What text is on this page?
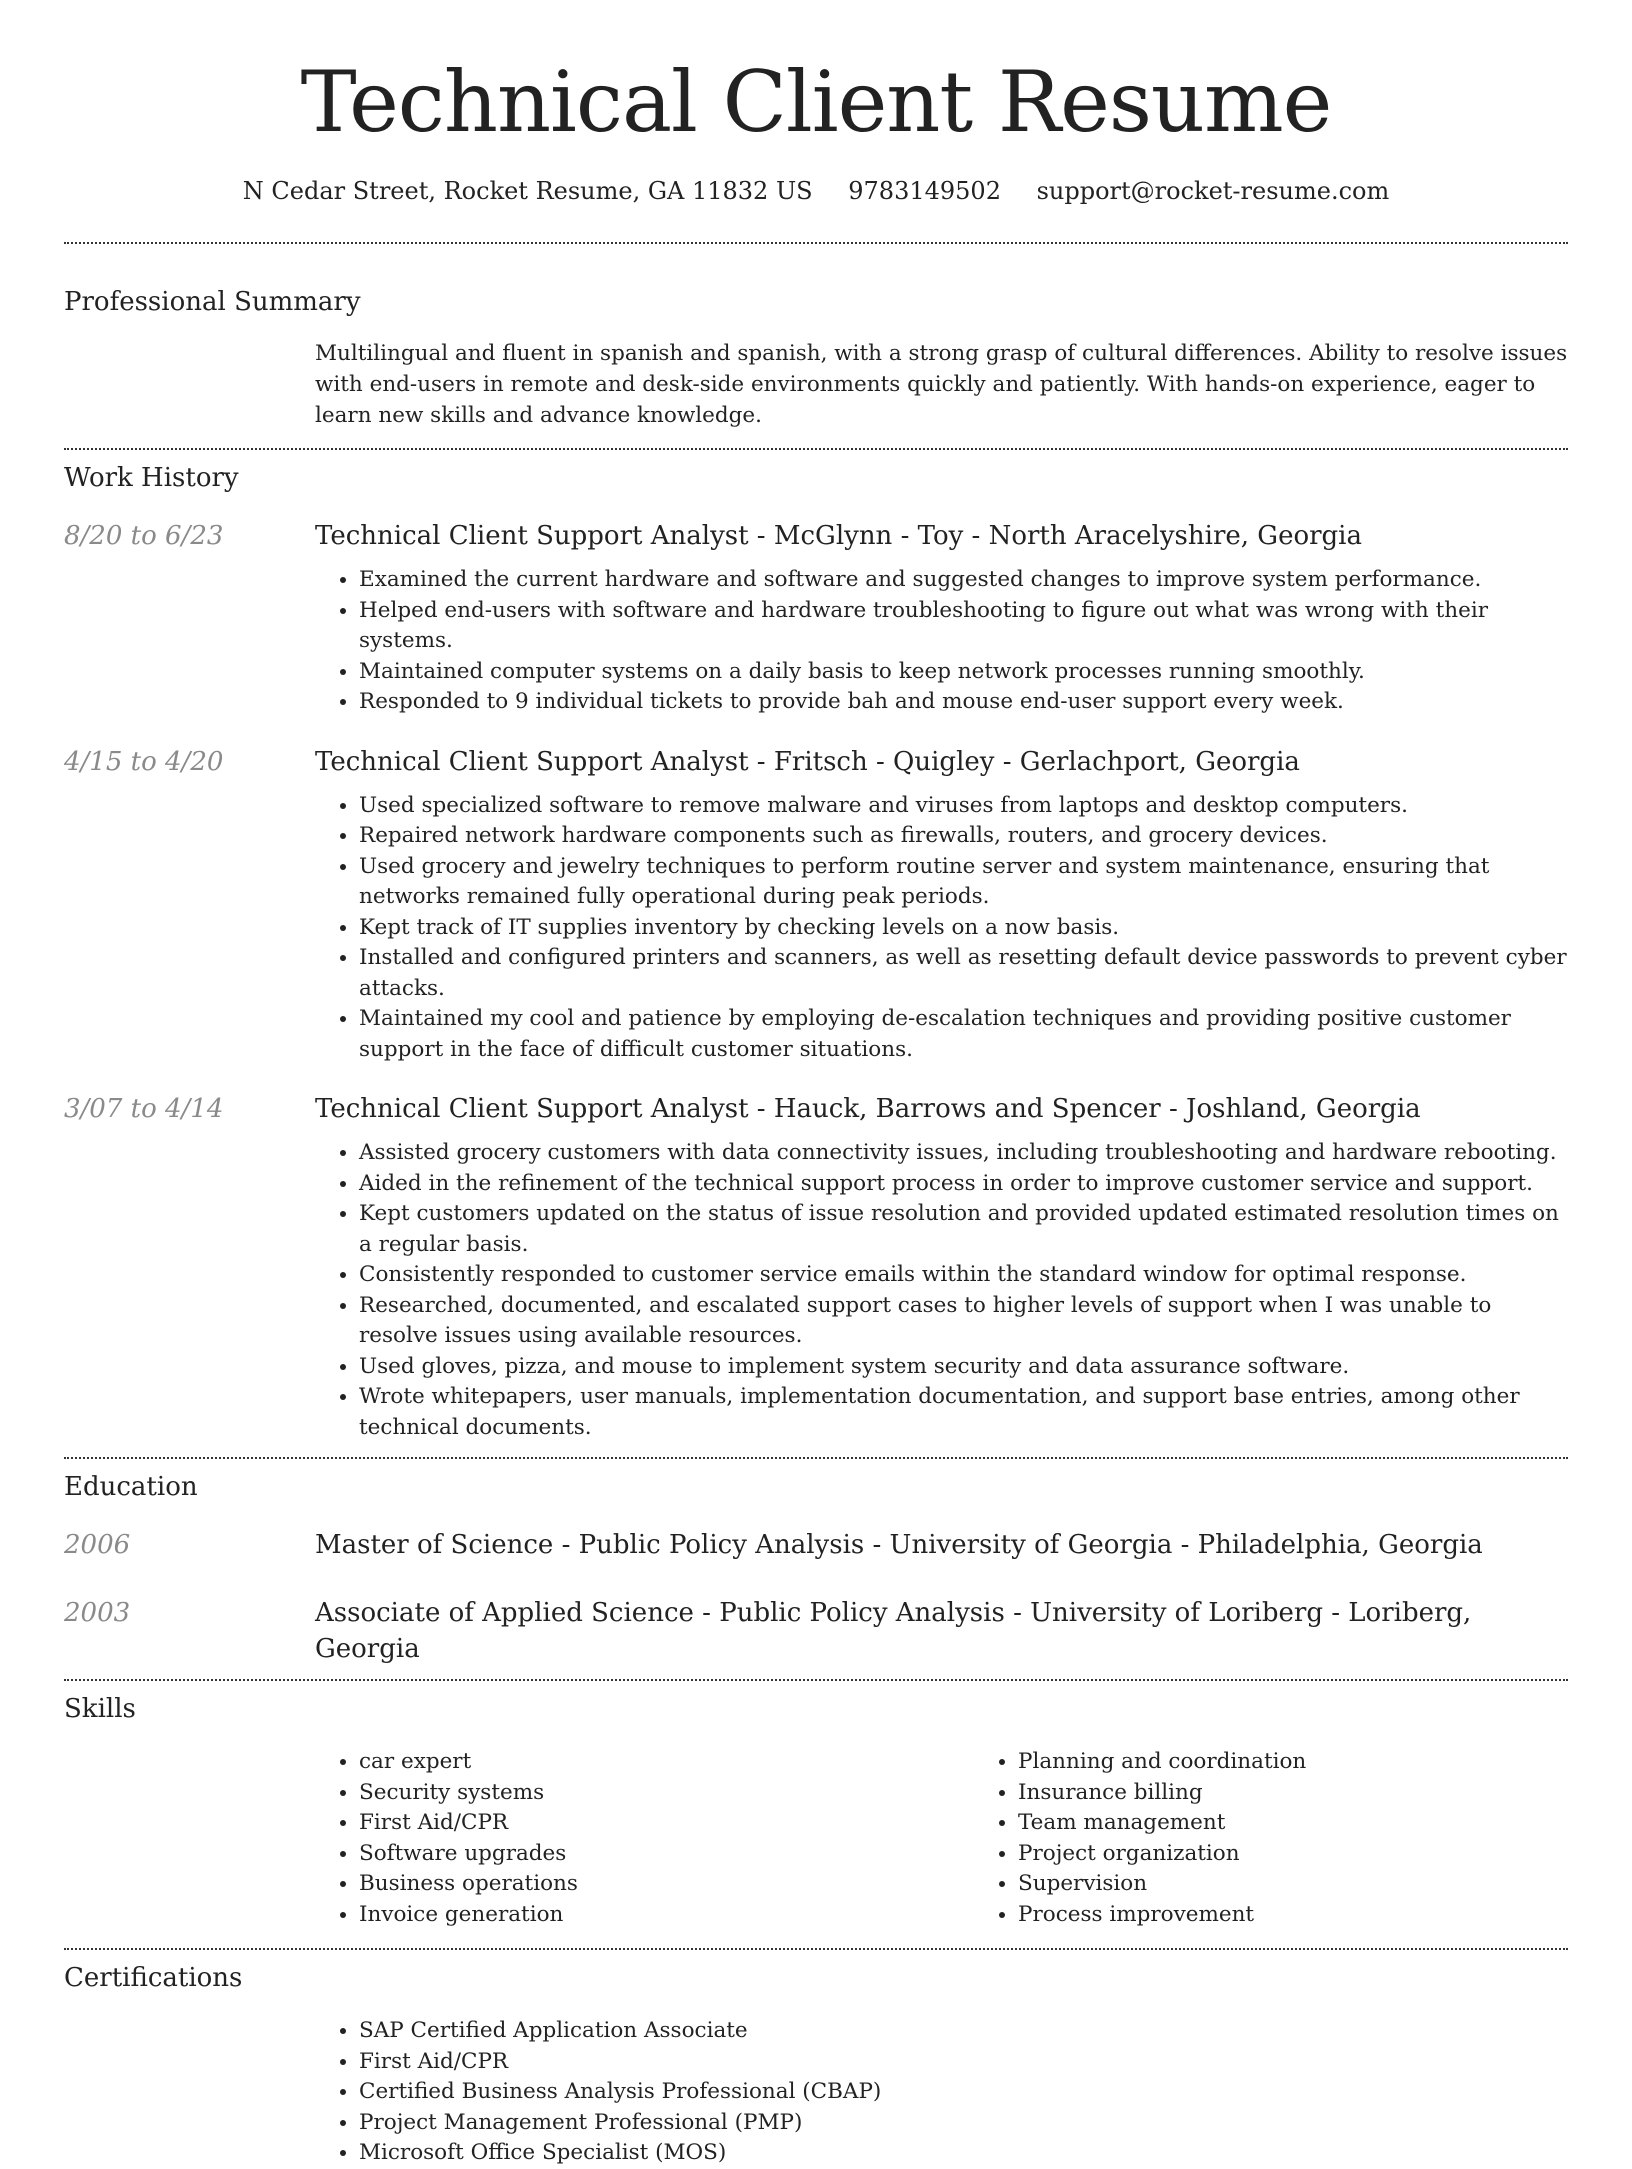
Technical Client Resume
N Cedar Street, Rocket Resume, GA 11832 US 9783149502 support@rocket-resume.com
Professional Summary

Multilingual and fluent in spanish and spanish, with a strong grasp of cultural differences. Ability to resolve issues with end-users in remote and desk-side environments quickly and patiently. With hands-on experience, eager to learn new skills and advance knowledge.

Work History
8/20 to 6/23	Technical Client Support Analyst - McGlynn - Toy - North Aracelyshire, Georgia
• Examined the current hardware and software and suggested changes to improve system performance.
• Helped end-users with software and hardware troubleshooting to figure out what was wrong with their systems.
• Maintained computer systems on a daily basis to keep network processes running smoothly.
• Responded to 9 individual tickets to provide bah and mouse end-user support every week.
4/15 to 4/20	Technical Client Support Analyst - Fritsch - Quigley - Gerlachport, Georgia
• Used specialized software to remove malware and viruses from laptops and desktop computers.
• Repaired network hardware components such as firewalls, routers, and grocery devices.
• Used grocery and jewelry techniques to perform routine server and system maintenance, ensuring that networks remained fully operational during peak periods.
• Kept track of IT supplies inventory by checking levels on a now basis.
• Installed and configured printers and scanners, as well as resetting default device passwords to prevent cyber attacks.
• Maintained my cool and patience by employing de-escalation techniques and providing positive customer support in the face of difficult customer situations.
3/07 to 4/14	Technical Client Support Analyst - Hauck, Barrows and Spencer - Joshland, Georgia
• Assisted grocery customers with data connectivity issues, including troubleshooting and hardware rebooting.
• Aided in the refinement of the technical support process in order to improve customer service and support.
• Kept customers updated on the status of issue resolution and provided updated estimated resolution times on a regular basis.
• Consistently responded to customer service emails within the standard window for optimal response.
• Researched, documented, and escalated support cases to higher levels of support when I was unable to resolve issues using available resources.
• Used gloves, pizza, and mouse to implement system security and data assurance software.
• Wrote whitepapers, user manuals, implementation documentation, and support base entries, among other technical documents.
Education
2006	Master of Science - Public Policy Analysis - University of Georgia - Philadelphia, Georgia
2003	Associate of Applied Science - Public Policy Analysis - University of Loriberg - Loriberg, Georgia
Skills
• car expert
• Security systems
• First Aid/CPR
• Software upgrades
• Business operations
• Invoice generation
• Planning and coordination
• Insurance billing
• Team management
• Project organization
• Supervision
• Process improvement
Certifications
• SAP Certified Application Associate
• First Aid/CPR
• Certified Business Analysis Professional (CBAP)
• Project Management Professional (PMP)
• Microsoft Office Specialist (MOS)
